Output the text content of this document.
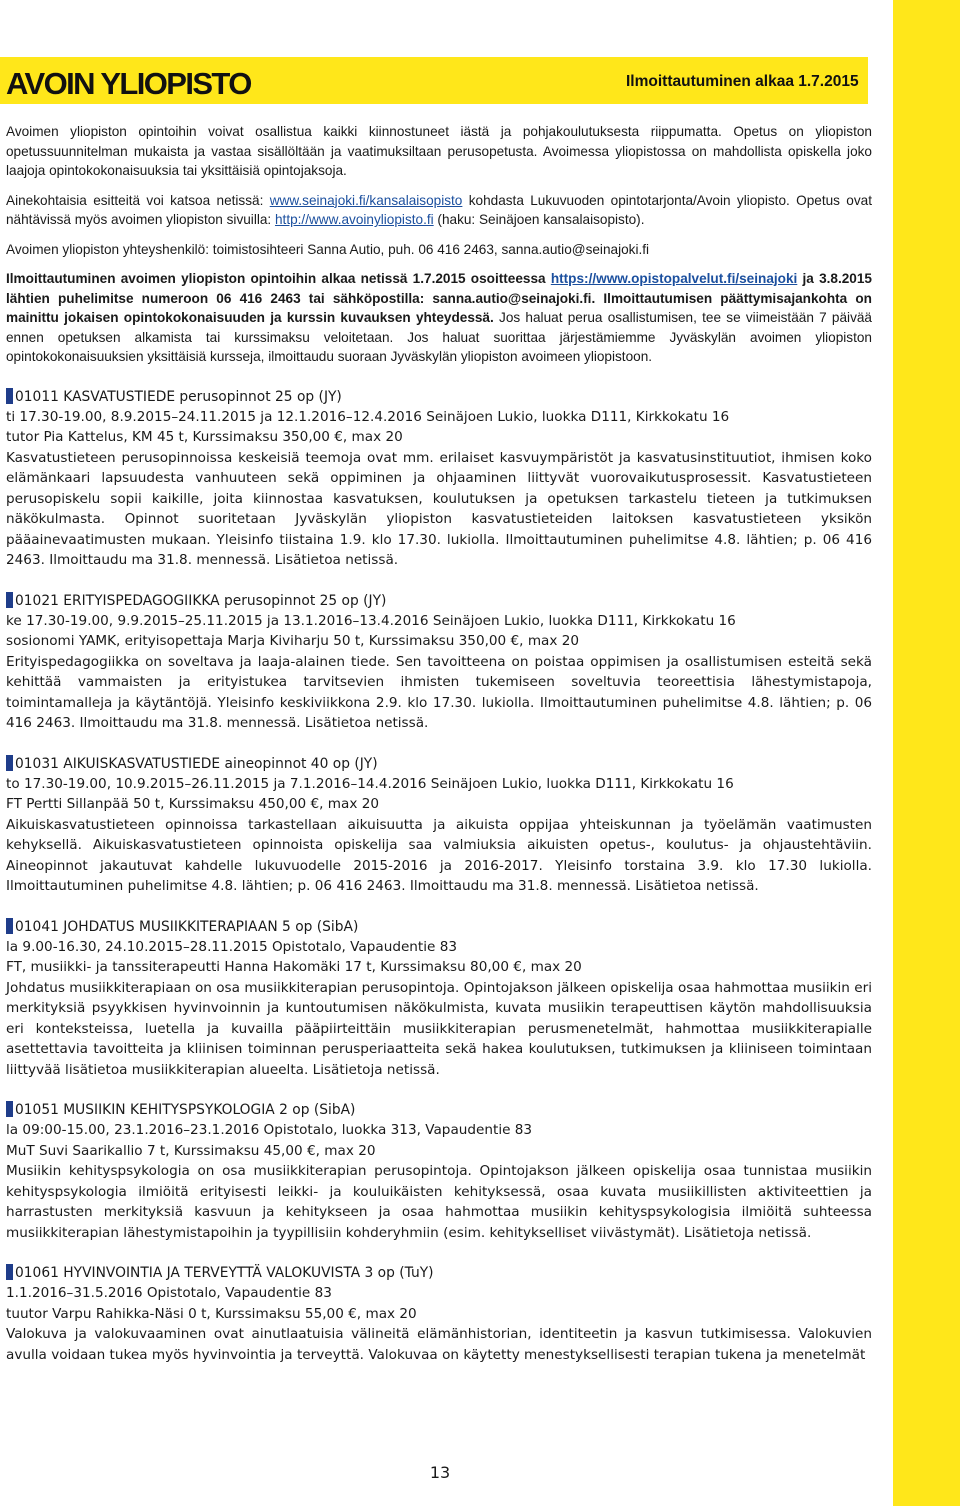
AVOIN YLIOPISTO	Ilmoittautuminen alkaa 1.7.2015

Avoimen yliopiston opintoihin voivat osallistua kaikki kiinnostuneet iästä ja pohjakoulutuksesta riippumatta. Opetus on yliopiston opetussuunnitelman mukaista ja vastaa sisällöltään ja vaatimuksiltaan perusopetusta. Avoimessa yliopistossa on mahdollista opiskella joko laajoja opintokokonaisuuksia tai yksittäisiä opintojaksoja.

Ainekohtaisia esitteitä voi katsoa netissä: www.seinajoki.fi/kansalaisopisto kohdasta Lukuvuoden opintotarjonta/Avoin yliopisto. Opetus ovat nähtävissä myös avoimen yliopiston sivuilla: http://www.avoinyliopisto.fi (haku: Seinäjoen kansalaisopisto).

Avoimen yliopiston yhteyshenkilö: toimistosihteeri Sanna Autio, puh. 06 416 2463, sanna.autio@seinajoki.fi

Ilmoittautuminen avoimen yliopiston opintoihin alkaa netissä 1.7.2015 osoitteessa https://www.opistopalvelut.fi/seinajoki ja 3.8.2015 lähtien puhelimitse numeroon 06 416 2463 tai sähköpostilla: sanna.autio@seinajoki.fi. Ilmoittautumisen päättymisajankohta on mainittu jokaisen opintokokonaisuuden ja kurssin kuvauksen yhteydessä. Jos haluat perua osallistumisen, tee se viimeistään 7 päivää ennen opetuksen alkamista tai kurssimaksu veloitetaan. Jos haluat suorittaa järjestämiemme Jyväskylän avoimen yliopiston opintokokonaisuuksien yksittäisiä kursseja, ilmoittaudu suoraan Jyväskylän yliopiston avoimeen yliopistoon.

01011 KASVATUSTIEDE perusopinnot 25 op (JY)

ti 17.30-19.00, 8.9.2015–24.11.2015 ja 12.1.2016–12.4.2016 Seinäjoen Lukio, luokka D111, Kirkkokatu 16

tutor Pia Kattelus, KM 45 t, Kurssimaksu 350,00 €, max 20

Kasvatustieteen perusopinnoissa keskeisiä teemoja ovat mm. erilaiset kasvuympäristöt ja kasvatusinstituutiot, ihmisen koko elämänkaari lapsuudesta vanhuuteen sekä oppiminen ja ohjaaminen liittyvät vuorovaikutusprosessit. Kasvatustieteen perusopiskelu sopii kaikille, joita kiinnostaa kasvatuksen, koulutuksen ja opetuksen tarkastelu tieteen ja tutkimuksen näkökulmasta. Opinnot suoritetaan Jyväskylän yliopiston kasvatustieteiden laitoksen kasvatustieteen yksikön pääainevaatimusten mukaan. Yleisinfo tiistaina 1.9. klo 17.30. lukiolla. Ilmoittautuminen puhelimitse 4.8. lähtien; p. 06 416 2463. Ilmoittaudu ma 31.8. mennessä. Lisätietoa netissä.

01021 ERITYISPEDAGOGIIKKA perusopinnot 25 op (JY)

ke 17.30-19.00, 9.9.2015–25.11.2015 ja 13.1.2016–13.4.2016 Seinäjoen Lukio, luokka D111, Kirkkokatu 16

sosionomi YAMK, erityisopettaja Marja Kiviharju 50 t, Kurssimaksu 350,00 €, max 20

Erityispedagogiikka on soveltava ja laaja-alainen tiede. Sen tavoitteena on poistaa oppimisen ja osallistumisen esteitä sekä kehittää vammaisten ja erityistukea tarvitsevien ihmisten tukemiseen soveltuvia teoreettisia lähestymistapoja, toimintamalleja ja käytäntöjä. Yleisinfo keskiviikkona 2.9. klo 17.30. lukiolla. Ilmoittautuminen puhelimitse 4.8. lähtien; p. 06 416 2463. Ilmoittaudu ma 31.8. mennessä. Lisätietoa netissä.

01031 AIKUISKASVATUSTIEDE aineopinnot 40 op (JY)

to 17.30-19.00, 10.9.2015–26.11.2015 ja 7.1.2016–14.4.2016 Seinäjoen Lukio, luokka D111, Kirkkokatu 16

FT Pertti Sillanpää 50 t, Kurssimaksu 450,00 €, max 20

Aikuiskasvatustieteen opinnoissa tarkastellaan aikuisuutta ja aikuista oppijaa yhteiskunnan ja työelämän vaatimusten kehyksellä. Aikuiskasvatustieteen opinnoista opiskelija saa valmiuksia aikuisten opetus-, koulutus- ja ohjaustehtäviin. Aineopinnot jakautuvat kahdelle lukuvuodelle 2015-2016 ja 2016-2017. Yleisinfo torstaina 3.9. klo 17.30 lukiolla. Ilmoittautuminen puhelimitse 4.8. lähtien; p. 06 416 2463. Ilmoittaudu ma 31.8. mennessä. Lisätietoa netissä.

01041 JOHDATUS MUSIIKKITERAPIAAN 5 op (SibA)

la 9.00-16.30, 24.10.2015–28.11.2015 Opistotalo, Vapaudentie 83

FT, musiikki- ja tanssiterapeutti Hanna Hakomäki 17 t, Kurssimaksu 80,00 €, max 20

Johdatus musiikkiterapiaan on osa musiikkiterapian perusopintoja. Opintojakson jälkeen opiskelija osaa hahmottaa musiikin eri merkityksiä psyykkisen hyvinvoinnin ja kuntoutumisen näkökulmista, kuvata musiikin terapeuttisen käytön mahdollisuuksia eri konteksteissa, luetella ja kuvailla pääpiirteittäin musiikkiterapian perusmenetelmät, hahmottaa musiikkiterapialle asettettavia tavoitteita ja kliinisen toiminnan perusperiaatteita sekä hakea koulutuksen, tutkimuksen ja kliiniseen toimintaan liittyvää lisätietoa musiikkiterapian alueelta. Lisätietoja netissä.

01051 MUSIIKIN KEHITYSPSYKOLOGIA 2 op (SibA)

la 09:00-15.00, 23.1.2016–23.1.2016 Opistotalo, luokka 313, Vapaudentie 83

MuT Suvi Saarikallio 7 t, Kurssimaksu 45,00 €, max 20

Musiikin kehityspsykologia on osa musiikkiterapian perusopintoja. Opintojakson jälkeen opiskelija osaa tunnistaa musiikin kehityspsykologia ilmiöitä erityisesti leikki- ja kouluikäisten kehityksessä, osaa kuvata musiikillisten aktiviteettien ja harrastusten merkityksiä kasvuun ja kehitykseen ja osaa hahmottaa musiikin kehityspsykologisia ilmiöitä suhteessa musiikkiterapian lähestymistapoihin ja tyypillisiin kohderyhmiin (esim. kehitykselliset viivästymät). Lisätietoja netissä.

01061 HYVINVOINTIA JA TERVEYTTÄ VALOKUVISTA 3 op (TuY)

1.1.2016–31.5.2016 Opistotalo, Vapaudentie 83

tuutor Varpu Rahikka-Näsi 0 t, Kurssimaksu 55,00 €, max 20

Valokuva ja valokuvaaminen ovat ainutlaatuisia välineitä elämänhistorian, identiteetin ja kasvun tutkimisessa. Valokuvien avulla voidaan tukea myös hyvinvointia ja terveyttä. Valokuvaa on käytetty menestyksellisesti terapian tukena ja menetelmät

13
